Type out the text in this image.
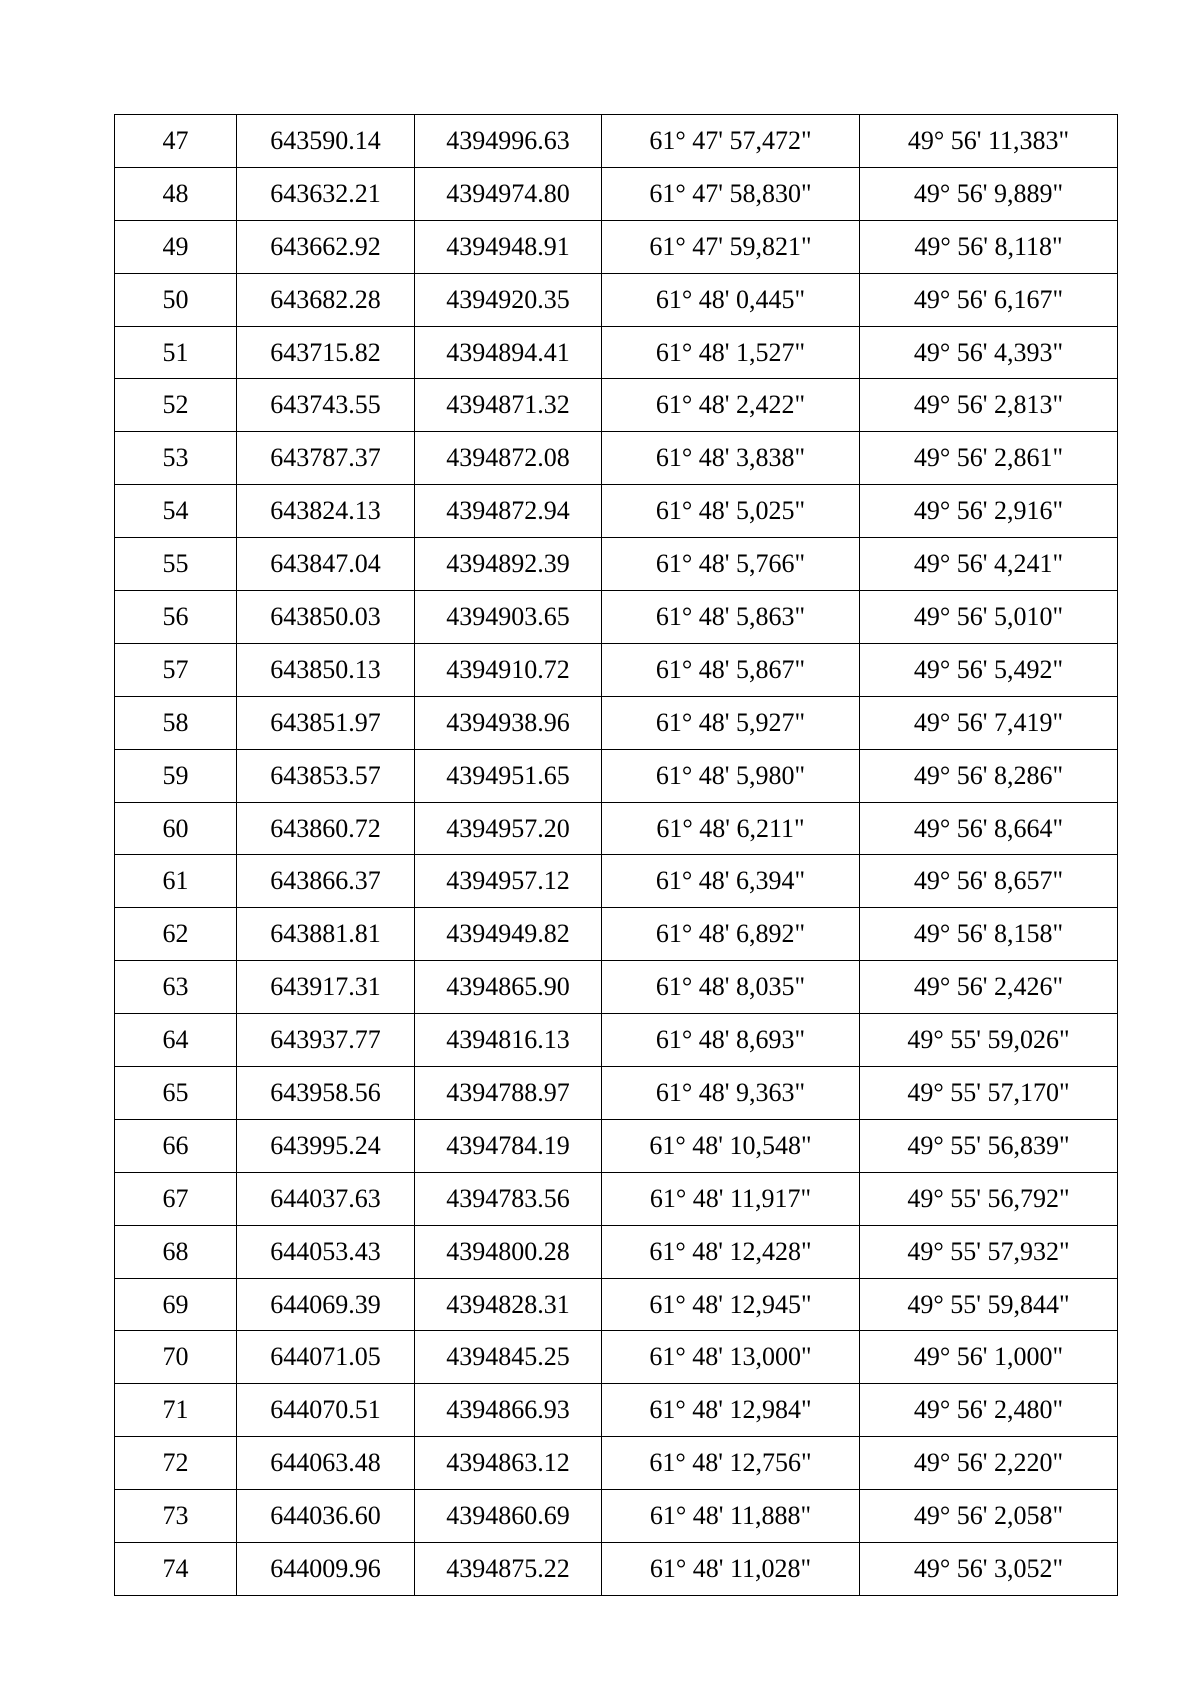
47	643590.14	4394996.63	61° 47' 57,472"	49° 56' 11,383"
48	643632.21	4394974.80	61° 47' 58,830"	49° 56' 9,889"
49	643662.92	4394948.91	61° 47' 59,821"	49° 56' 8,118"
50	643682.28	4394920.35	61° 48' 0,445"	49° 56' 6,167"
51	643715.82	4394894.41	61° 48' 1,527"	49° 56' 4,393"
52	643743.55	4394871.32	61° 48' 2,422"	49° 56' 2,813"
53	643787.37	4394872.08	61° 48' 3,838"	49° 56' 2,861"
54	643824.13	4394872.94	61° 48' 5,025"	49° 56' 2,916"
55	643847.04	4394892.39	61° 48' 5,766"	49° 56' 4,241"
56	643850.03	4394903.65	61° 48' 5,863"	49° 56' 5,010"
57	643850.13	4394910.72	61° 48' 5,867"	49° 56' 5,492"
58	643851.97	4394938.96	61° 48' 5,927"	49° 56' 7,419"
59	643853.57	4394951.65	61° 48' 5,980"	49° 56' 8,286"
60	643860.72	4394957.20	61° 48' 6,211"	49° 56' 8,664"
61	643866.37	4394957.12	61° 48' 6,394"	49° 56' 8,657"
62	643881.81	4394949.82	61° 48' 6,892"	49° 56' 8,158"
63	643917.31	4394865.90	61° 48' 8,035"	49° 56' 2,426"
64	643937.77	4394816.13	61° 48' 8,693"	49° 55' 59,026"
65	643958.56	4394788.97	61° 48' 9,363"	49° 55' 57,170"
66	643995.24	4394784.19	61° 48' 10,548"	49° 55' 56,839"
67	644037.63	4394783.56	61° 48' 11,917"	49° 55' 56,792"
68	644053.43	4394800.28	61° 48' 12,428"	49° 55' 57,932"
69	644069.39	4394828.31	61° 48' 12,945"	49° 55' 59,844"
70	644071.05	4394845.25	61° 48' 13,000"	49° 56' 1,000"
71	644070.51	4394866.93	61° 48' 12,984"	49° 56' 2,480"
72	644063.48	4394863.12	61° 48' 12,756"	49° 56' 2,220"
73	644036.60	4394860.69	61° 48' 11,888"	49° 56' 2,058"
74	644009.96	4394875.22	61° 48' 11,028"	49° 56' 3,052"
